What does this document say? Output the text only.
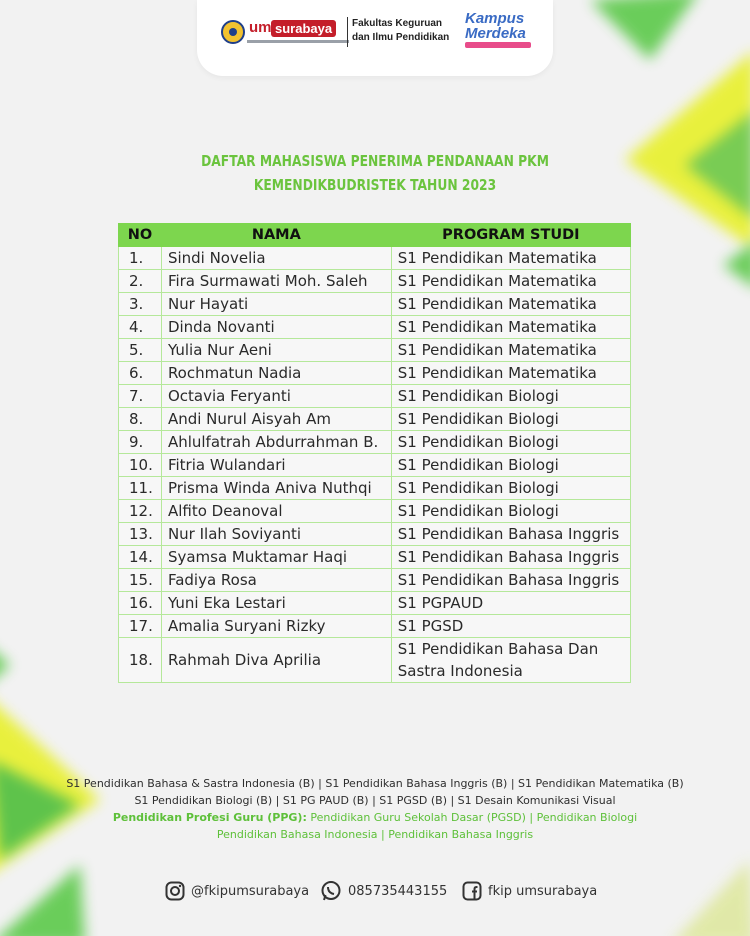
um surabaya	Fakultas Keguruan
dan Ilmu Pendidikan
Kampus
Merdeka
DAFTAR MAHASISWA PENERIMA PENDANAAN PKM
KEMENDIKBUDRISTEK TAHUN 2023
NO	NAMA	PROGRAM STUDI
1.	Sindi Novelia	S1 Pendidikan Matematika
2.	Fira Surmawati Moh. Saleh	S1 Pendidikan Matematika
3.	Nur Hayati	S1 Pendidikan Matematika
4.	Dinda Novanti	S1 Pendidikan Matematika
5.	Yulia Nur Aeni	S1 Pendidikan Matematika
6.	Rochmatun Nadia	S1 Pendidikan Matematika
7.	Octavia Feryanti	S1 Pendidikan Biologi
8.	Andi Nurul Aisyah Am	S1 Pendidikan Biologi
9.	Ahlulfatrah Abdurrahman B.	S1 Pendidikan Biologi
10.	Fitria Wulandari	S1 Pendidikan Biologi
11.	Prisma Winda Aniva Nuthqi	S1 Pendidikan Biologi
12.	Alfito Deanoval	S1 Pendidikan Biologi
13.	Nur Ilah Soviyanti	S1 Pendidikan Bahasa Inggris
14.	Syamsa Muktamar Haqi	S1 Pendidikan Bahasa Inggris
15.	Fadiya Rosa	S1 Pendidikan Bahasa Inggris
16.	Yuni Eka Lestari	S1 PGPAUD
17.	Amalia Suryani Rizky	S1 PGSD
18.	Rahmah Diva Aprilia	S1 Pendidikan Bahasa Dan Sastra Indonesia
S1 Pendidikan Bahasa & Sastra Indonesia (B) | S1 Pendidikan Bahasa Inggris (B) | S1 Pendidikan Matematika (B)
S1 Pendidikan Biologi (B) | S1 PG PAUD (B) | S1 PGSD (B) | S1 Desain Komunikasi Visual
Pendidikan Profesi Guru (PPG): Pendidikan Guru Sekolah Dasar (PGSD) | Pendidikan Biologi
Pendidikan Bahasa Indonesia | Pendidikan Bahasa Inggris
@fkipumsurabaya	085735443155	fkip umsurabaya
